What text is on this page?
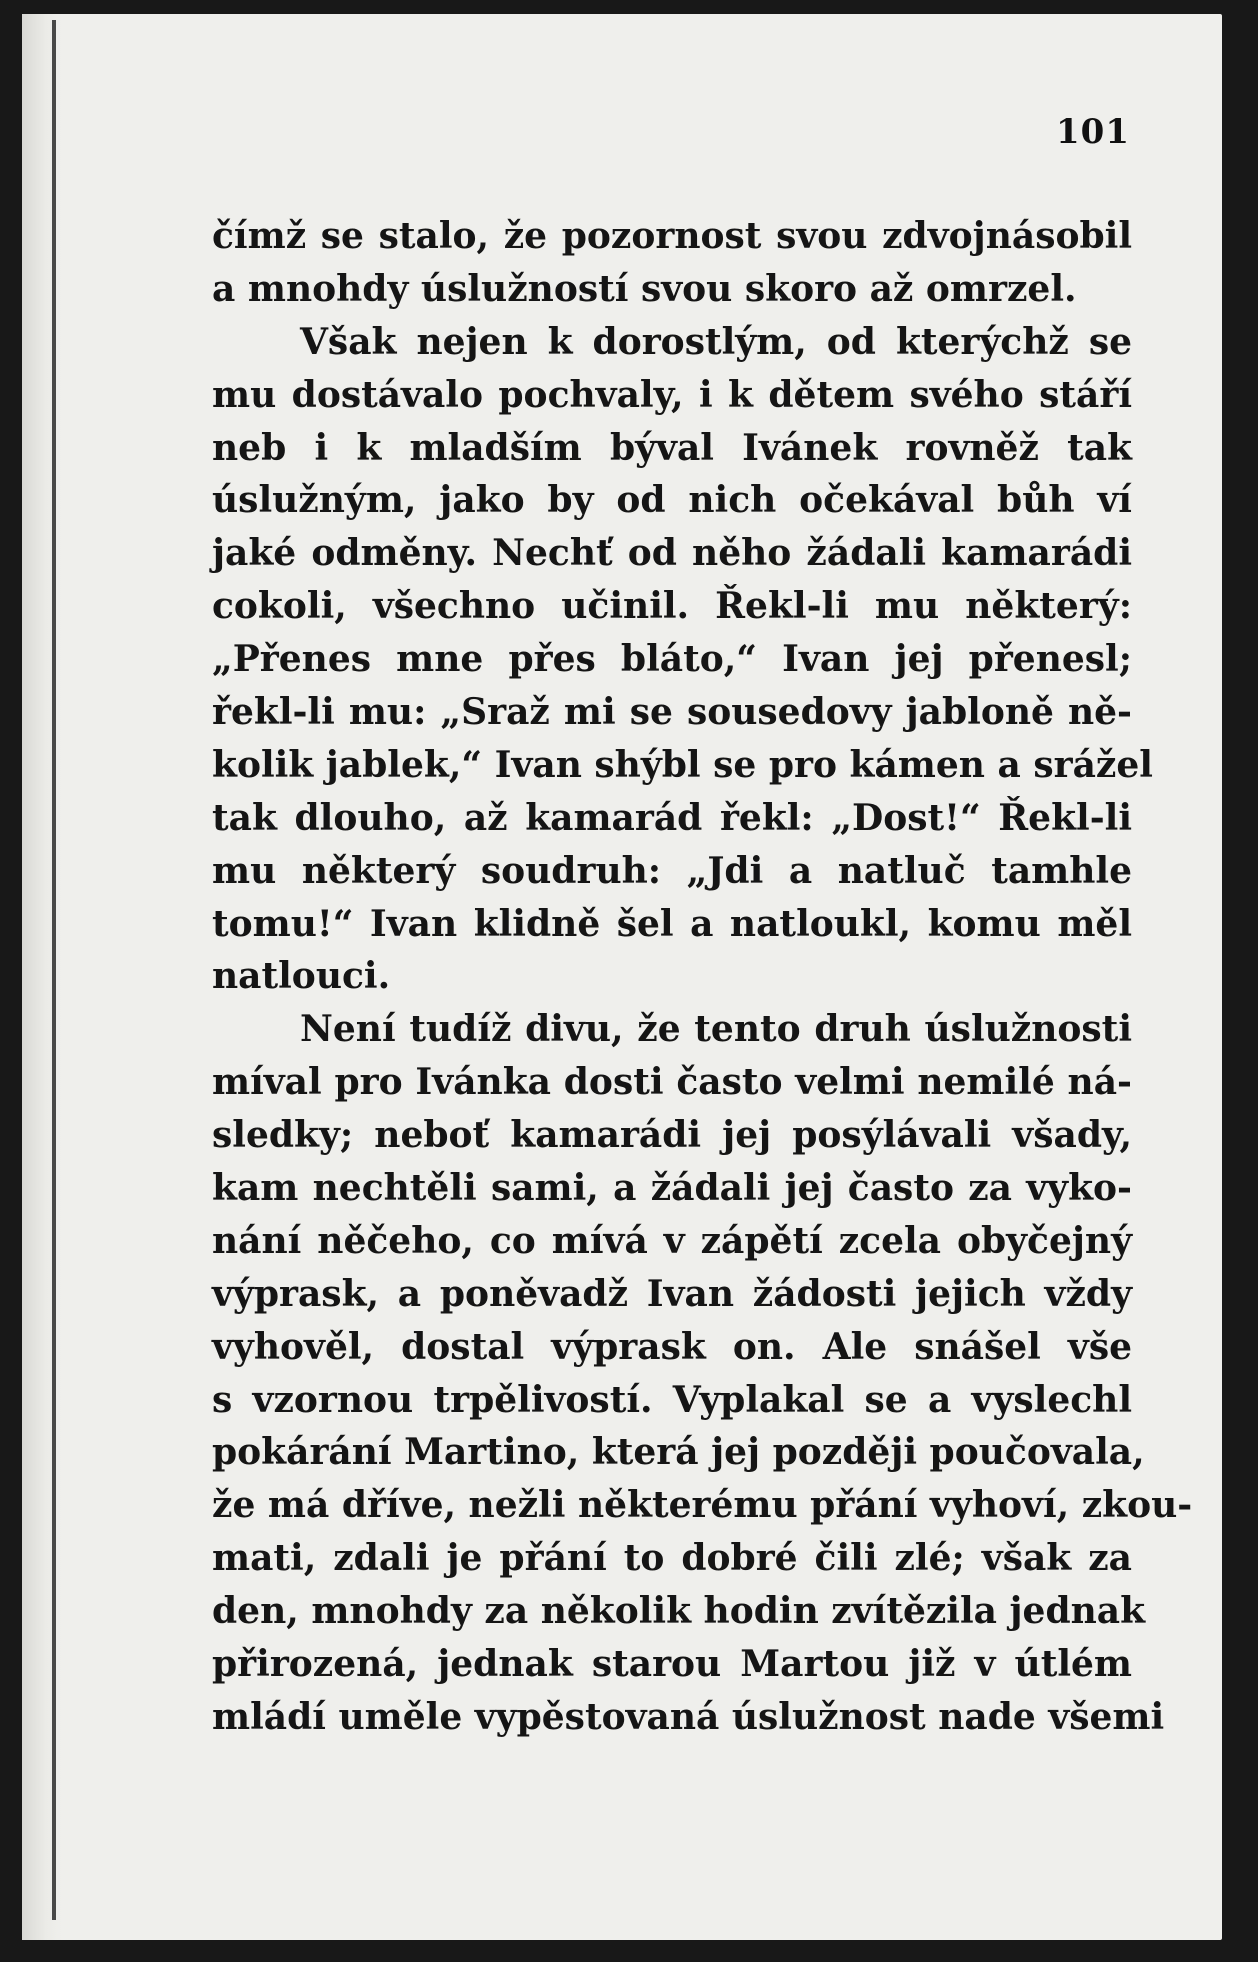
101
čímž se stalo, že pozornost svou zdvojnásobil
a mnohdy úslužností svou skoro až omrzel.
Však nejen k dorostlým, od kterýchž se
mu dostávalo pochvaly, i k dětem svého stáří
neb i k mladším býval Ivánek rovněž tak
úslužným, jako by od nich očekával bůh ví
jaké odměny. Nechť od něho žádali kamarádi
cokoli, všechno učinil. Řekl-li mu některý:
„Přenes mne přes bláto,“ Ivan jej přenesl;
řekl-li mu: „Sraž mi se sousedovy jabloně ně-
kolik jablek,“ Ivan shýbl se pro kámen a srážel
tak dlouho, až kamarád řekl: „Dost!“ Řekl-li
mu některý soudruh: „Jdi a natluč tamhle
tomu!“ Ivan klidně šel a natloukl, komu měl
natlouci.
Není tudíž divu, že tento druh úslužnosti
míval pro Ivánka dosti často velmi nemilé ná-
sledky; neboť kamarádi jej posýlávali všady,
kam nechtěli sami, a žádali jej často za vyko-
nání něčeho, co mívá v zápětí zcela obyčejný
výprask, a poněvadž Ivan žádosti jejich vždy
vyhověl, dostal výprask on. Ale snášel vše
s vzornou trpělivostí. Vyplakal se a vyslechl
pokárání Martino, která jej později poučovala,
že má dříve, nežli některému přání vyhoví, zkou-
mati, zdali je přání to dobré čili zlé; však za
den, mnohdy za několik hodin zvítězila jednak
přirozená, jednak starou Martou již v útlém
mládí uměle vypěstovaná úslužnost nade všemi
